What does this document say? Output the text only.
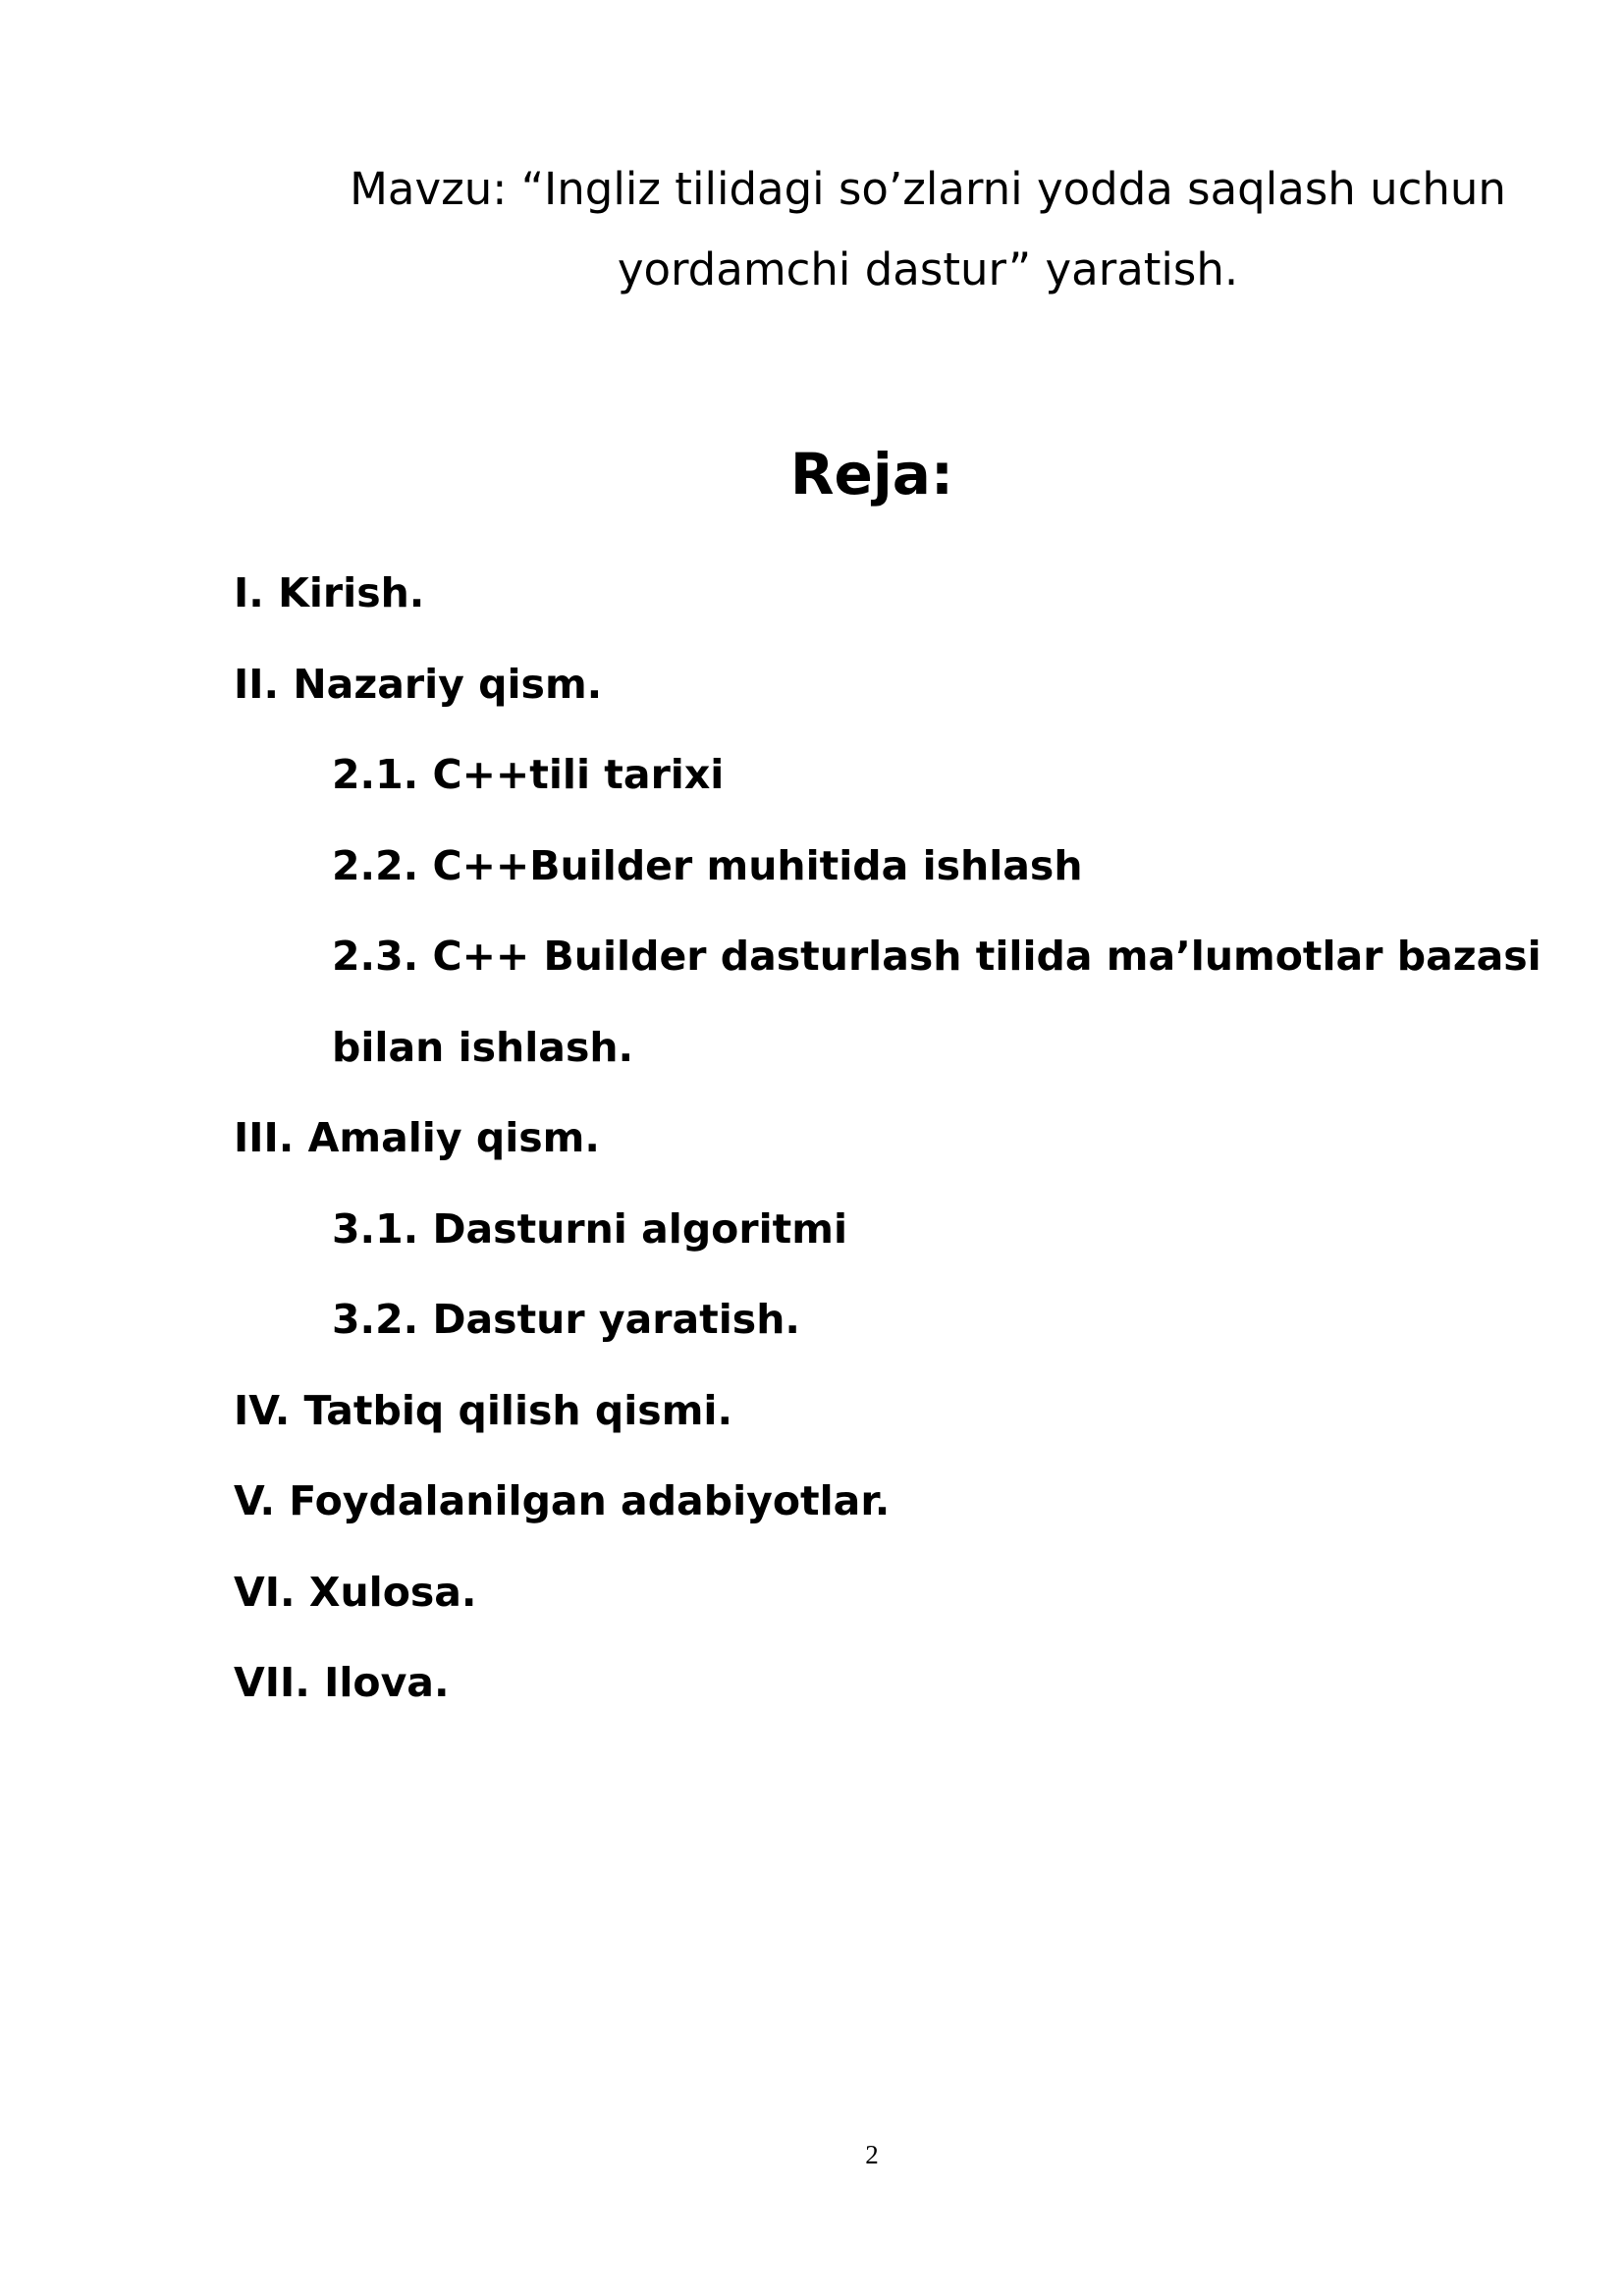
Mavzu: “Ingliz tilidagi so’zlarni yodda saqlash uchun
yordamchi dastur” yaratish.
Reja:
I. Kirish.
II. Nazariy qism.
2.1. C++tili tarixi
2.2. C++Builder muhitida ishlash
2.3. C++ Builder dasturlash tilida ma’lumotlar bazasi bilan ishlash.
III. Amaliy qism.
3.1. Dasturni algoritmi
3.2. Dastur yaratish.
IV. Tatbiq qilish qismi.
V. Foydalanilgan adabiyotlar.
VI. Xulosa.
VII. Ilova.
2
